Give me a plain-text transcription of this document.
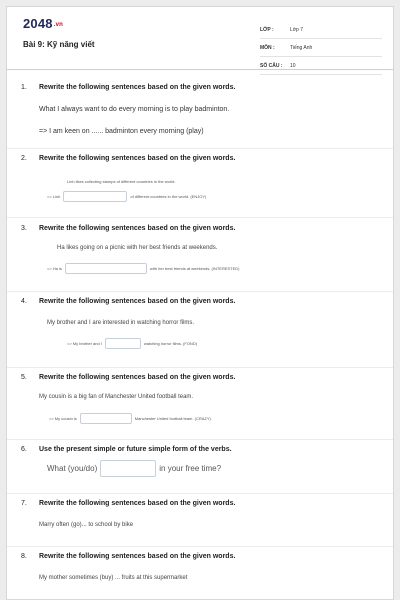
2048.vn
Bài 9: Kỹ năng viết
LỚP :	Lớp 7
MÔN :	Tiếng Anh
SỐ CÂU :	10
1. Rewrite the following sentences based on the given words.
What I always want to do every morning is to play badminton.
=> I am keen on ...... badminton every morning (play)
2. Rewrite the following sentences based on the given words.
Linh likes collecting stamps of different countries in the world.
=> Linh	of different countries in the world. (ENJOY)
3. Rewrite the following sentences based on the given words.
Ha likes going on a picnic with her best friends at weekends.
=> Ha is	with her best friends at weekends. (INTERESTED)
4. Rewrite the following sentences based on the given words.
My brother and I are interested in watching horror films.
=> My brother and I	watching horror films. (FOND)
5. Rewrite the following sentences based on the given words.
My cousin is a big fan of Manchester United football team.
=> My cousin is	Manchester United football team. (CRAZY)
6. Use the present simple or future simple form of the verbs.
What (you/do)	in your free time?
7. Rewrite the following sentences based on the given words.
Marry often (go)... to school by bike
8. Rewrite the following sentences based on the given words.
My mother sometimes (buy) ... fruits at this supermarket
